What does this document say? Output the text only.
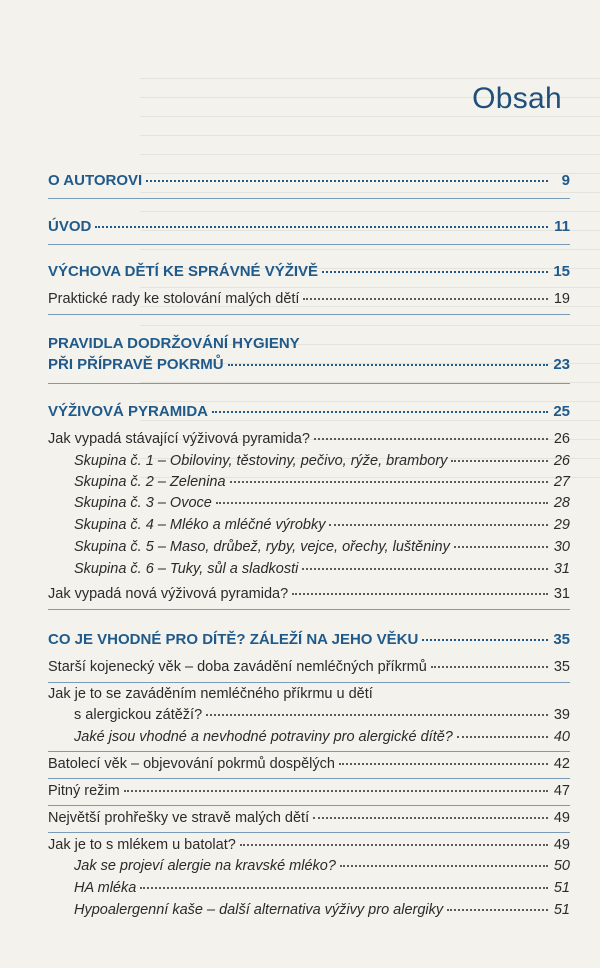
Obsah
O AUTOROVI	9
ÚVOD	11
VÝCHOVA DĚTÍ KE SPRÁVNÉ VÝŽIVĚ	15
Praktické rady ke stolování malých dětí	19
PRAVIDLA DODRŽOVÁNÍ HYGIENY
PŘI PŘÍPRAVĚ POKRMŮ	23
VÝŽIVOVÁ PYRAMIDA	25
Jak vypadá stávající výživová pyramida?	26
Skupina č. 1 – Obiloviny, těstoviny, pečivo, rýže, brambory	26
Skupina č. 2 – Zelenina	27
Skupina č. 3 – Ovoce	28
Skupina č. 4 – Mléko a mléčné výrobky	29
Skupina č. 5 – Maso, drůbež, ryby, vejce, ořechy, luštěniny	30
Skupina č. 6 – Tuky, sůl a sladkosti	31
Jak vypadá nová výživová pyramida?	31
CO JE VHODNÉ PRO DÍTĚ? ZÁLEŽÍ NA JEHO VĚKU	35
Starší kojenecký věk – doba zavádění nemléčných příkrmů	35
Jak je to se zaváděním nemléčného příkrmu u dětí
s alergickou zátěží?	39
Jaké jsou vhodné a nevhodné potraviny pro alergické dítě?	40
Batolecí věk – objevování pokrmů dospělých	42
Pitný režim	47
Největší prohřešky ve stravě malých dětí	49
Jak je to s mlékem u batolat?	49
Jak se projeví alergie na kravské mléko?	50
HA mléka	51
Hypoalergenní kaše – další alternativa výživy pro alergiky	51
